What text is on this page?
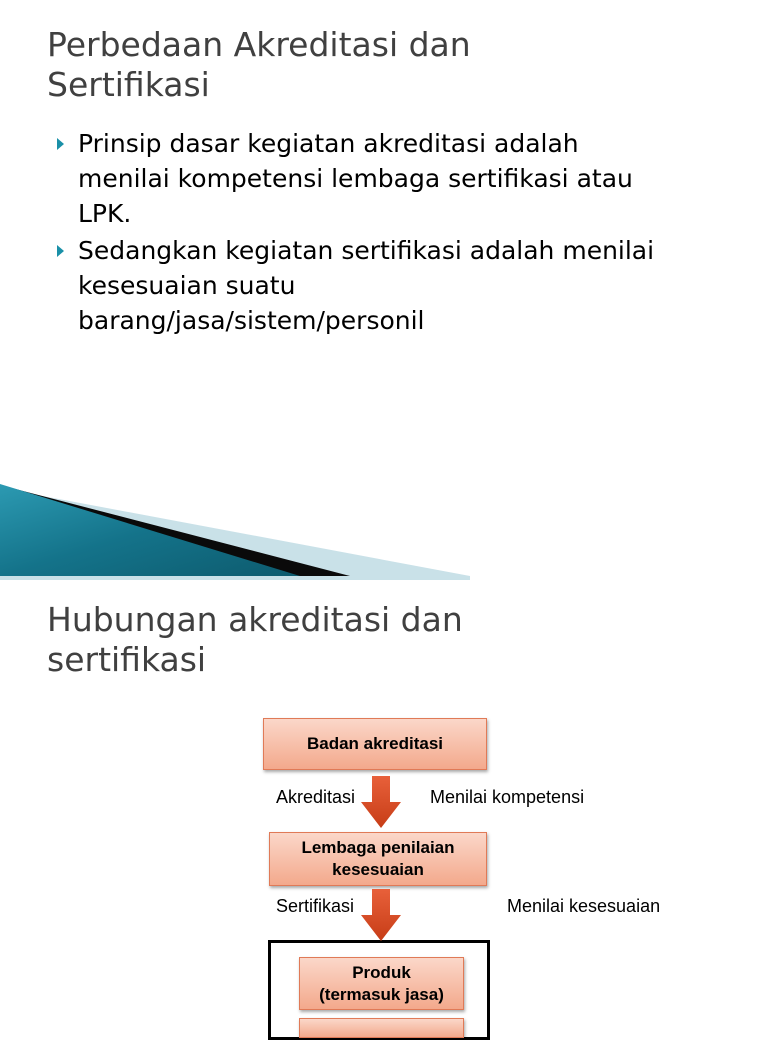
Perbedaan Akreditasi dan
Sertifikasi
Prinsip dasar kegiatan akreditasi adalah
menilai kompetensi lembaga sertifikasi atau
LPK.
Sedangkan kegiatan sertifikasi adalah menilai
kesesuaian suatu
barang/jasa/sistem/personil
Hubungan akreditasi dan
sertifikasi
Badan akreditasi
Akreditasi	Menilai kompetensi
Lembaga penilaian
kesesuaian
Sertifikasi	Menilai kesesuaian
Produk
(termasuk jasa)
